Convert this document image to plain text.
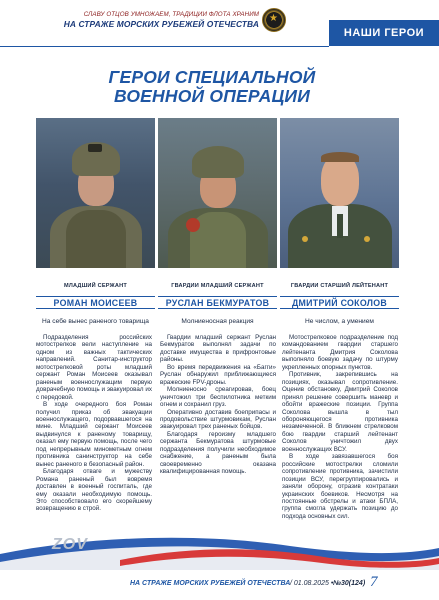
СЛАВУ ОТЦОВ УМНОЖАЕМ, ТРАДИЦИИ ФЛОТА ХРАНИМ
НА СТРАЖЕ МОРСКИХ РУБЕЖЕЙ ОТЕЧЕСТВА
★
НАШИ ГЕРОИ
ГЕРОИ СПЕЦИАЛЬНОЙ
ВОЕННОЙ ОПЕРАЦИИ
МЛАДШИЙ СЕРЖАНТ	ГВАРДИИ МЛАДШИЙ СЕРЖАНТ	ГВАРДИИ СТАРШИЙ ЛЕЙТЕНАНТ
РОМАН МОИСЕЕВ	РУСЛАН БЕКМУРАТОВ	ДМИТРИЙ СОКОЛОВ
На себе вынес раненого товарища	Молниеносная реакция	Не числом, а умением

Подразделения российских мотострелков вели наступление на одном из важных тактических направлений. Санитар-инструктор мотострелковой роты младший сержант Роман Моисеев оказывал раненым военнослужащим первую доврачебную помощь и эвакуировал их с передовой.

В ходе очередного боя Роман получил приказ об эвакуации военнослужащего, подорвавшегося на мине. Младший сержант Моисеев выдвинулся к раненому товарищу, оказал ему первую помощь, после чего под непрерывным минометным огнем противника санинструктор на себе вынес раненого в безопасный район.

Благодаря отваге и мужеству Романа раненый был вовремя доставлен в военный госпиталь, где ему оказали необходимую помощь. Это способствовало его скорейшему возвращению в строй.

Гвардии младший сержант Руслан Бекмуратов выполнял задачи по доставке имущества в прифронтовые районы.

Во время передвижения на «Багги» Руслан обнаружил приближающиеся вражеские FPV-дроны.

Молниеносно среагировав, боец уничтожил три беспилотника метким огнем и сохранил груз.

Оперативно доставив боеприпасы и продовольствие штурмовикам, Руслан эвакуировал трех раненых бойцов.

Благодаря героизму младшего сержанта Бекмуратова штурмовые подразделения получили необходимое снабжение, а раненым была своевременно оказана квалифицированная помощь.

Мотострелковое подразделение под командованием гвардии старшего лейтенанта Дмитрия Соколова выполняло боевую задачу по штурму укрепленных опорных пунктов.

Противник, закрепившись на позициях, оказывал сопротивление. Оценив обстановку, Дмитрий Соколов принял решение совершить маневр и обойти вражеские позиции. Группа Соколова вышла в тыл обороняющегося противника незамеченной. В ближнем стрелковом бою гвардии старший лейтенант Соколов уничтожил двух военнослужащих ВСУ.

В ходе завязавшегося боя российские мотострелки сломили сопротивление противника, зачистили позиции ВСУ, перегруппировались и заняли оборону, отразив контратаки украинских боевиков. Несмотря на постоянные обстрелы и атаки БПЛА, группа смогла удержать позицию до подхода основных сил.

ZOV
НА СТРАЖЕ МОРСКИХ РУБЕЖЕЙ ОТЕЧЕСТВА / 01.08.2025 • №30(124) 7
